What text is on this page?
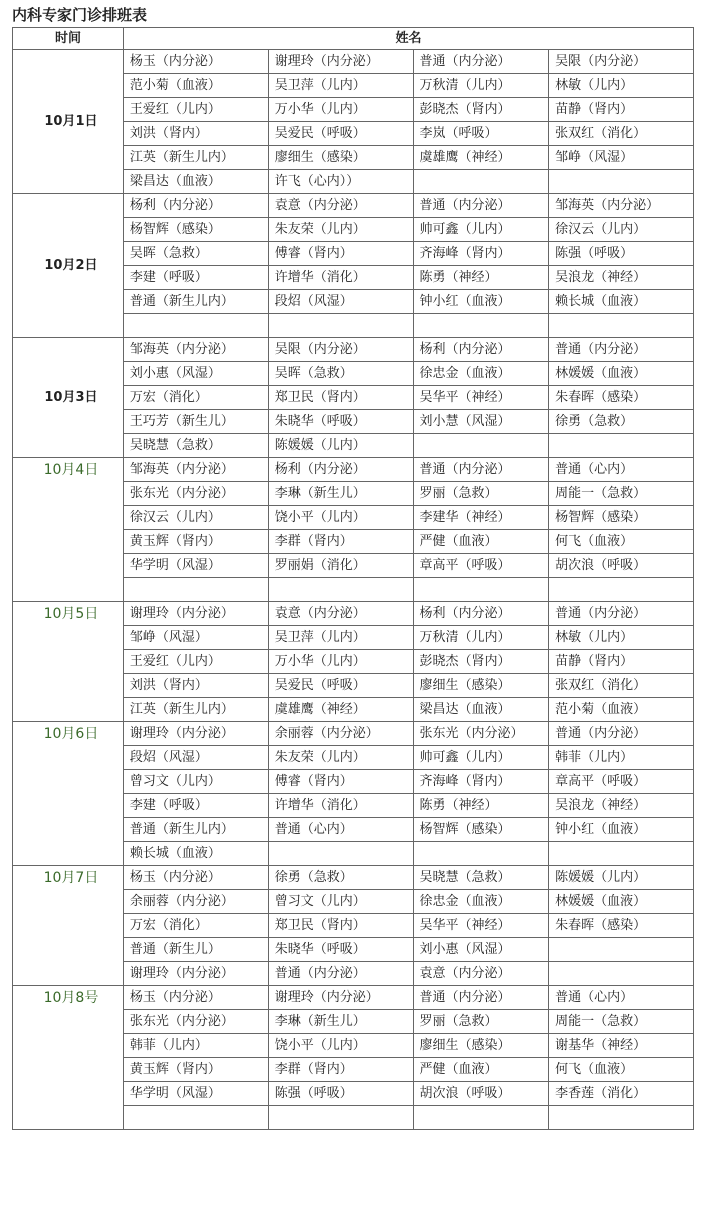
内科专家门诊排班表
时间	姓名			
10月1日	杨玉（内分泌）	谢理玲（内分泌）	普通（内分泌）	吴限（内分泌）
	范小菊（血液）	吴卫萍（儿内）	万秋清（儿内）	林敏（儿内）
	王爱红（儿内）	万小华（儿内）	彭晓杰（肾内）	苗静（肾内）
	刘洪（肾内）	吴爱民（呼吸）	李岚（呼吸）	张双红（消化）
	江英（新生儿内）	廖细生（感染）	虞雄鹰（神经）	邹峥（风湿）
	梁昌达（血液）	许飞（心内））		
10月2日	杨利（内分泌）	袁意（内分泌）	普通（内分泌）	邹海英（内分泌）
	杨智辉（感染）	朱友荣（儿内）	帅可鑫（儿内）	徐汉云（儿内）
	吴晖（急救）	傅睿（肾内）	齐海峰（肾内）	陈强（呼吸）
	李建（呼吸）	许增华（消化）	陈勇（神经）	吴浪龙（神经）
	普通（新生儿内）	段炤（风湿）	钟小红（血液）	赖长城（血液）

10月3日	邹海英（内分泌）	吴限（内分泌）	杨利（内分泌）	普通（内分泌）
	刘小惠（风湿）	吴晖（急救）	徐忠金（血液）	林媛媛（血液）
	万宏（消化）	郑卫民（肾内）	吴华平（神经）	朱春晖（感染）
	王巧芳（新生儿）	朱晓华（呼吸）	刘小慧（风湿）	徐勇（急救）
	吴晓慧（急救）	陈媛媛（儿内）		
10月4日	邹海英（内分泌）	杨利（内分泌）	普通（内分泌）	普通（心内）
	张东光（内分泌）	李琳（新生儿）	罗丽（急救）	周能一（急救）
	徐汉云（儿内）	饶小平（儿内）	李建华（神经）	杨智辉（感染）
	黄玉辉（肾内）	李群（肾内）	严健（血液）	何飞（血液）
	华学明（风湿）	罗丽娟（消化）	章高平（呼吸）	胡次浪（呼吸）

10月5日	谢理玲（内分泌）	袁意（内分泌）	杨利（内分泌）	普通（内分泌）
	邹峥（风湿）	吴卫萍（儿内）	万秋清（儿内）	林敏（儿内）
	王爱红（儿内）	万小华（儿内）	彭晓杰（肾内）	苗静（肾内）
	刘洪（肾内）	吴爱民（呼吸）	廖细生（感染）	张双红（消化）
	江英（新生儿内）	虞雄鹰（神经）	梁昌达（血液）	范小菊（血液）
10月6日	谢理玲（内分泌）	余丽蓉（内分泌）	张东光（内分泌）	普通（内分泌）
	段炤（风湿）	朱友荣（儿内）	帅可鑫（儿内）	韩菲（儿内）
	曾习文（儿内）	傅睿（肾内）	齐海峰（肾内）	章高平（呼吸）
	李建（呼吸）	许增华（消化）	陈勇（神经）	吴浪龙（神经）
	普通（新生儿内）	普通（心内）	杨智辉（感染）	钟小红（血液）
	赖长城（血液）			
10月7日	杨玉（内分泌）	徐勇（急救）	吴晓慧（急救）	陈媛媛（儿内）
	余丽蓉（内分泌）	曾习文（儿内）	徐忠金（血液）	林媛媛（血液）
	万宏（消化）	郑卫民（肾内）	吴华平（神经）	朱春晖（感染）
	普通（新生儿）	朱晓华（呼吸）	刘小惠（风湿）	
	谢理玲（内分泌）	普通（内分泌）	袁意（内分泌）	
10月8号	杨玉（内分泌）	谢理玲（内分泌）	普通（内分泌）	普通（心内）
	张东光（内分泌）	李琳（新生儿）	罗丽（急救）	周能一（急救）
	韩菲（儿内）	饶小平（儿内）	廖细生（感染）	谢基华（神经）
	黄玉辉（肾内）	李群（肾内）	严健（血液）	何飞（血液）
	华学明（风湿）	陈强（呼吸）	胡次浪（呼吸）	李香莲（消化）
